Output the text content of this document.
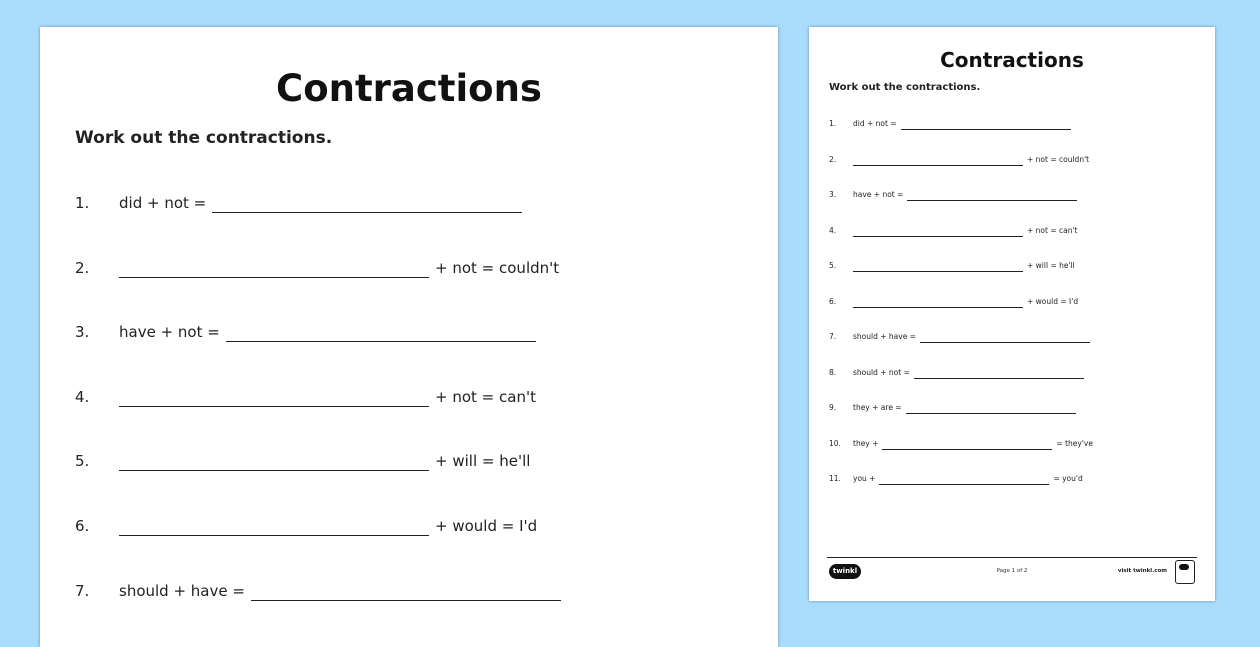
Contractions
Work out the contractions.
1. did + not =
2.	+ not = couldn't
3. have + not =
4.	+ not = can't
5.	+ will = he'll
6.	+ would = I'd
7. should + have =
Contractions
Work out the contractions.
1. did + not =
2.	+ not = couldn't
3. have + not =
4.	+ not = can't
5.	+ will = he'll
6.	+ would = I'd
7. should + have =
8. should + not =
9. they + are =
10. they +	= they've
11. you +	= you'd
twinkl	Page 1 of 2	visit twinkl.com
